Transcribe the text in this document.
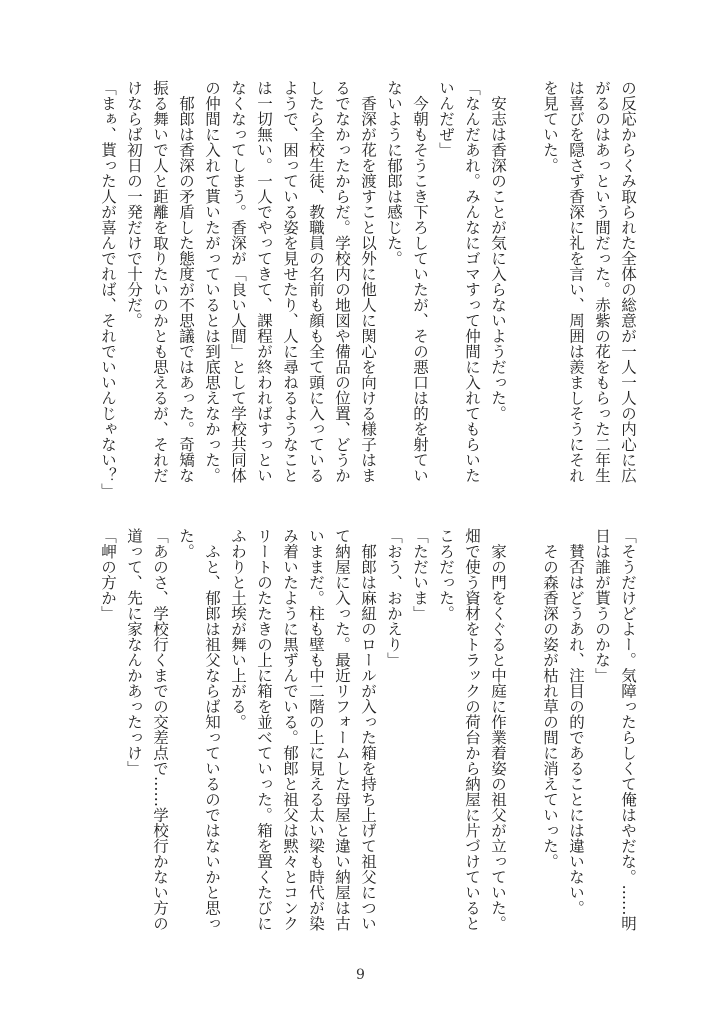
の反応からくみ取られた全体の総意が一人一人の内心に広
がるのはあっという間だった。赤紫の花をもらった二年生
は喜びを隠さず香深に礼を言い、周囲は羨ましそうにそれ
を見ていた。
　安志は香深のことが気に入らないようだった。
「なんだあれ。みんなにゴマすって仲間に入れてもらいた
いんだぜ」
　今朝もそうこき下ろしていたが、その悪口は的を射てい
ないように郁郎は感じた。
　香深が花を渡すこと以外に他人に関心を向ける様子はま
るでなかったからだ。学校内の地図や備品の位置、どうか
したら全校生徒、教職員の名前も顔も全て頭に入っている
ようで、困っている姿を見せたり、人に尋ねるようなこと
は一切無い。一人でやってきて、課程が終わればすっとい
なくなってしまう。香深が「良い人間」として学校共同体
の仲間に入れて貰いたがっているとは到底思えなかった。
　郁郎は香深の矛盾した態度が不思議ではあった。奇矯な
振る舞いで人と距離を取りたいのかとも思えるが、それだ
けならば初日の一発だけで十分だ。
「まぁ、貰った人が喜んでれば、それでいいんじゃない？」
「そうだけどよー。気障ったらしくて俺はやだな。……明
日は誰が貰うのかな」
　賛否はどうあれ、注目の的であることには違いない。
　その森香深の姿が枯れ草の間に消えていった。
　家の門をくぐると中庭に作業着姿の祖父が立っていた。
畑で使う資材をトラックの荷台から納屋に片づけていると
ころだった。
「ただいま」
「おう、おかえり」
　郁郎は麻紐のロールが入った箱を持ち上げて祖父につい
て納屋に入った。最近リフォームした母屋と違い納屋は古
いままだ。柱も壁も中二階の上に見える太い梁も時代が染
み着いたように黒ずんでいる。郁郎と祖父は黙々とコンク
リートのたたきの上に箱を並べていった。箱を置くたびに
ふわりと土埃が舞い上がる。
　ふと、郁郎は祖父ならば知っているのではないかと思っ
た。
「あのさ、学校行くまでの交差点で……学校行かない方の
道って、先に家なんかあったっけ」
「岬の方か」
9
